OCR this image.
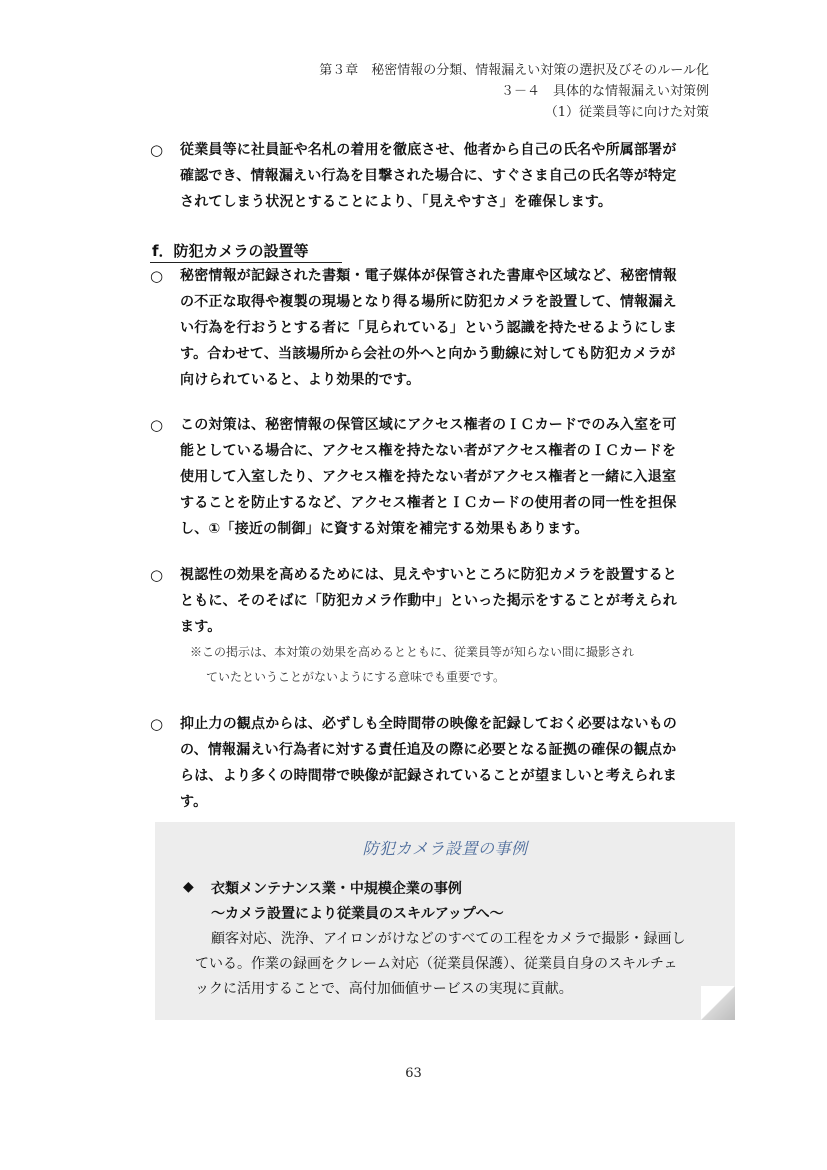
第３章　秘密情報の分類、情報漏えい対策の選択及びそのルール化
３－４　具体的な情報漏えい対策例
（1）従業員等に向けた対策
○	従業員等に社員証や名札の着用を徹底させ、他者から自己の氏名や所属部署が
確認でき、情報漏えい行為を目撃された場合に、すぐさま自己の氏名等が特定
されてしまう状況とすることにより、「見えやすさ」を確保します。
f．防犯カメラの設置等
○	秘密情報が記録された書類・電子媒体が保管された書庫や区域など、秘密情報
の不正な取得や複製の現場となり得る場所に防犯カメラを設置して、情報漏え
い行為を行おうとする者に「見られている」という認識を持たせるようにしま
す。合わせて、当該場所から会社の外へと向かう動線に対しても防犯カメラが
向けられていると、より効果的です。
○	この対策は、秘密情報の保管区域にアクセス権者のＩＣカードでのみ入室を可
能としている場合に、アクセス権を持たない者がアクセス権者のＩＣカードを
使用して入室したり、アクセス権を持たない者がアクセス権者と一緒に入退室
することを防止するなど、アクセス権者とＩＣカードの使用者の同一性を担保
し、①「接近の制御」に資する対策を補完する効果もあります。
○	視認性の効果を高めるためには、見えやすいところに防犯カメラを設置すると
ともに、そのそばに「防犯カメラ作動中」といった掲示をすることが考えられ
ます。
※この掲示は、本対策の効果を高めるとともに、従業員等が知らない間に撮影され
ていたということがないようにする意味でも重要です。
○	抑止力の観点からは、必ずしも全時間帯の映像を記録しておく必要はないもの
の、情報漏えい行為者に対する責任追及の際に必要となる証拠の確保の観点か
らは、より多くの時間帯で映像が記録されていることが望ましいと考えられま
す。
防犯カメラ設置の事例
◆	衣類メンテナンス業・中規模企業の事例
～カメラ設置により従業員のスキルアップへ～
顧客対応、洗浄、アイロンがけなどのすべての工程をカメラで撮影・録画し
ている。作業の録画をクレーム対応（従業員保護）、従業員自身のスキルチェ
ックに活用することで、高付加価値サービスの実現に貢献。
63
